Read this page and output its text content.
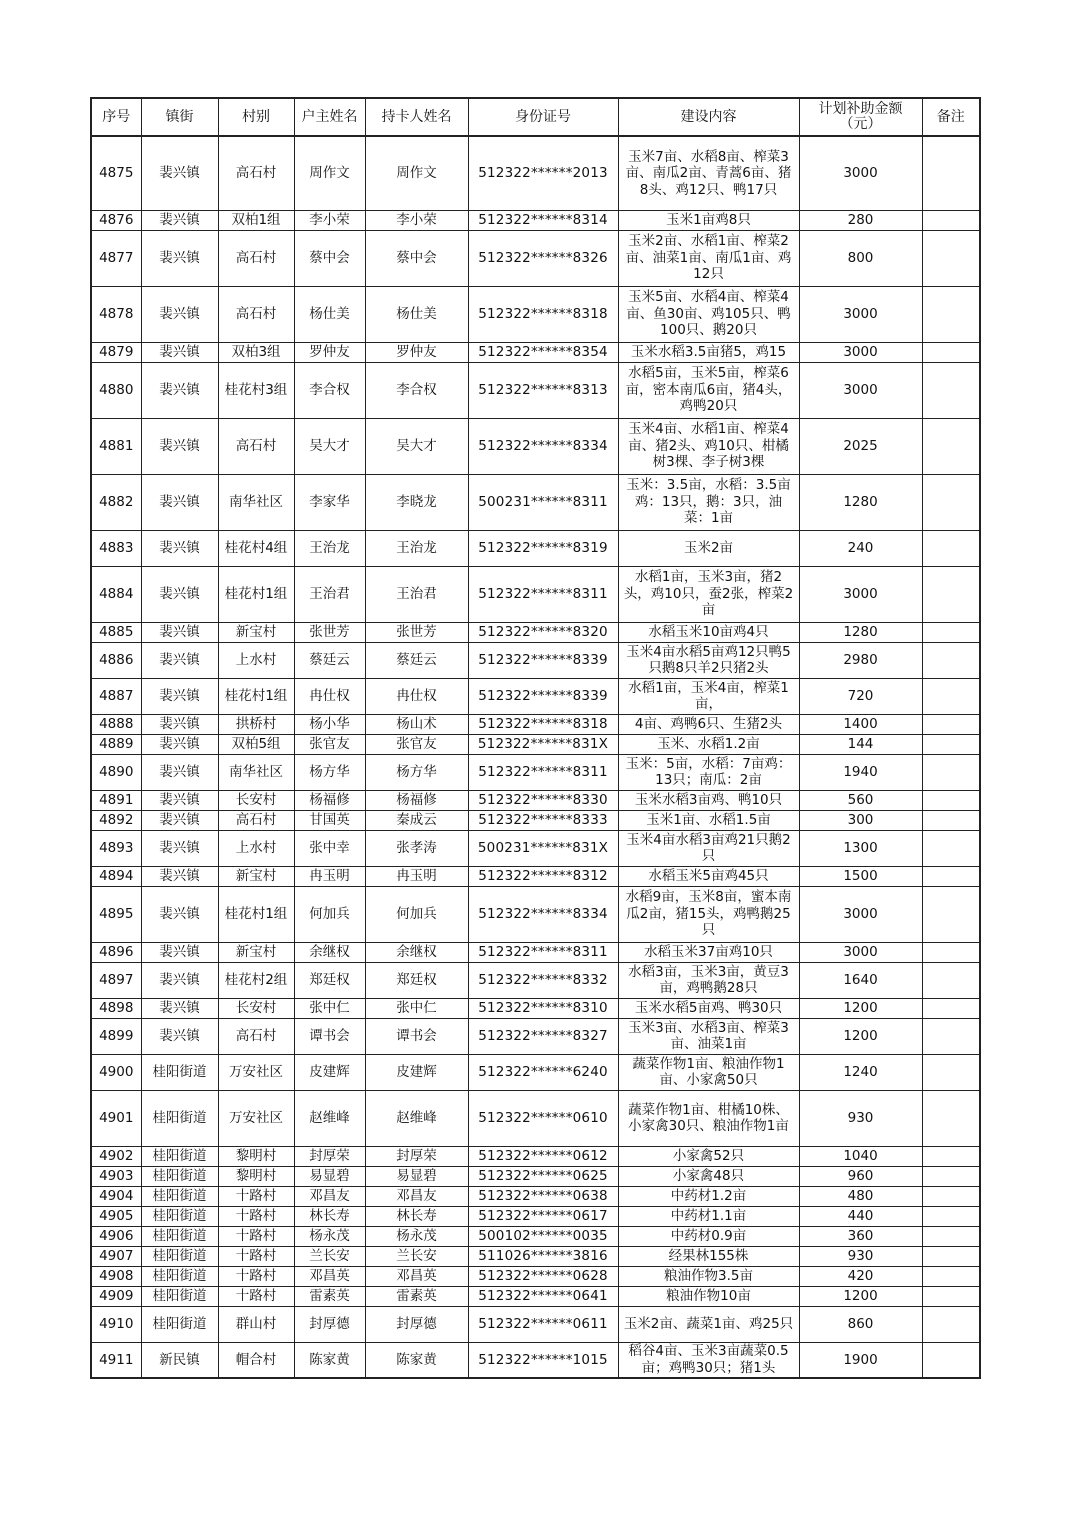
序号	镇街	村别	户主姓名	持卡人姓名	身份证号	建设内容	计划补助金额（元）	备注
4875	裴兴镇	高石村	周作文	周作文	512322******2013	玉米7亩、水稻8亩、榨菜3亩、南瓜2亩、青蒿6亩、猪8头、鸡12只、鸭17只	3000	
4876	裴兴镇	双柏1组	李小荣	李小荣	512322******8314	玉米1亩鸡8只	280	
4877	裴兴镇	高石村	蔡中会	蔡中会	512322******8326	玉米2亩、水稻1亩、榨菜2亩、油菜1亩、南瓜1亩、鸡12只	800	
4878	裴兴镇	高石村	杨仕美	杨仕美	512322******8318	玉米5亩、水稻4亩、榨菜4亩、鱼30亩、鸡105只、鸭100只、鹅20只	3000	
4879	裴兴镇	双柏3组	罗仲友	罗仲友	512322******8354	玉米水稻3.5亩猪5，鸡15	3000	
4880	裴兴镇	桂花村3组	李合权	李合权	512322******8313	水稻5亩，玉米5亩，榨菜6亩，密本南瓜6亩，猪4头，鸡鸭20只	3000	
4881	裴兴镇	高石村	吴大才	吴大才	512322******8334	玉米4亩、水稻1亩、榨菜4亩、猪2头、鸡10只、柑橘树3棵、李子树3棵	2025	
4882	裴兴镇	南华社区	李家华	李晓龙	500231******8311	玉米：3.5亩，水稻：3.5亩鸡：13只，鹅：3只，油菜：1亩	1280	
4883	裴兴镇	桂花村4组	王治龙	王治龙	512322******8319	玉米2亩	240	
4884	裴兴镇	桂花村1组	王治君	王治君	512322******8311	水稻1亩，玉米3亩，猪2头，鸡10只，蚕2张，榨菜2亩	3000	
4885	裴兴镇	新宝村	张世芳	张世芳	512322******8320	水稻玉米10亩鸡4只	1280	
4886	裴兴镇	上水村	蔡廷云	蔡廷云	512322******8339	玉米4亩水稻5亩鸡12只鸭5只鹅8只羊2只猪2头	2980	
4887	裴兴镇	桂花村1组	冉仕权	冉仕权	512322******8339	水稻1亩，玉米4亩，榨菜1亩，	720	
4888	裴兴镇	拱桥村	杨小华	杨山术	512322******8318	4亩、鸡鸭6只、生猪2头	1400	
4889	裴兴镇	双柏5组	张官友	张官友	512322******831X	玉米、水稻1.2亩	144	
4890	裴兴镇	南华社区	杨方华	杨方华	512322******8311	玉米：5亩，水稻：7亩鸡：13只；南瓜：2亩	1940	
4891	裴兴镇	长安村	杨福修	杨福修	512322******8330	玉米水稻3亩鸡、鸭10只	560	
4892	裴兴镇	高石村	甘国英	秦成云	512322******8333	玉米1亩、水稻1.5亩	300	
4893	裴兴镇	上水村	张中幸	张孝涛	500231******831X	玉米4亩水稻3亩鸡21只鹅2只	1300	
4894	裴兴镇	新宝村	冉玉明	冉玉明	512322******8312	水稻玉米5亩鸡45只	1500	
4895	裴兴镇	桂花村1组	何加兵	何加兵	512322******8334	水稻9亩，玉米8亩，蜜本南瓜2亩，猪15头，鸡鸭鹅25只	3000	
4896	裴兴镇	新宝村	余继权	余继权	512322******8311	水稻玉米37亩鸡10只	3000	
4897	裴兴镇	桂花村2组	郑廷权	郑廷权	512322******8332	水稻3亩，玉米3亩，黄豆3亩，鸡鸭鹅28只	1640	
4898	裴兴镇	长安村	张中仁	张中仁	512322******8310	玉米水稻5亩鸡、鸭30只	1200	
4899	裴兴镇	高石村	谭书会	谭书会	512322******8327	玉米3亩、水稻3亩、榨菜3亩、油菜1亩	1200	
4900	桂阳街道	万安社区	皮建辉	皮建辉	512322******6240	蔬菜作物1亩、粮油作物1亩、小家禽50只	1240	
4901	桂阳街道	万安社区	赵维峰	赵维峰	512322******0610	蔬菜作物1亩、柑橘10株、小家禽30只、粮油作物1亩	930	
4902	桂阳街道	黎明村	封厚荣	封厚荣	512322******0612	小家禽52只	1040	
4903	桂阳街道	黎明村	易显碧	易显碧	512322******0625	小家禽48只	960	
4904	桂阳街道	十路村	邓昌友	邓昌友	512322******0638	中药材1.2亩	480	
4905	桂阳街道	十路村	林长寿	林长寿	512322******0617	中药材1.1亩	440	
4906	桂阳街道	十路村	杨永茂	杨永茂	500102******0035	中药材0.9亩	360	
4907	桂阳街道	十路村	兰长安	兰长安	511026******3816	经果林155株	930	
4908	桂阳街道	十路村	邓昌英	邓昌英	512322******0628	粮油作物3.5亩	420	
4909	桂阳街道	十路村	雷素英	雷素英	512322******0641	粮油作物10亩	1200	
4910	桂阳街道	群山村	封厚德	封厚德	512322******0611	玉米2亩、蔬菜1亩、鸡25只	860	
4911	新民镇	帽合村	陈家黄	陈家黄	512322******1015	稻谷4亩、玉米3亩蔬菜0.5亩；鸡鸭30只；猪1头	1900	
